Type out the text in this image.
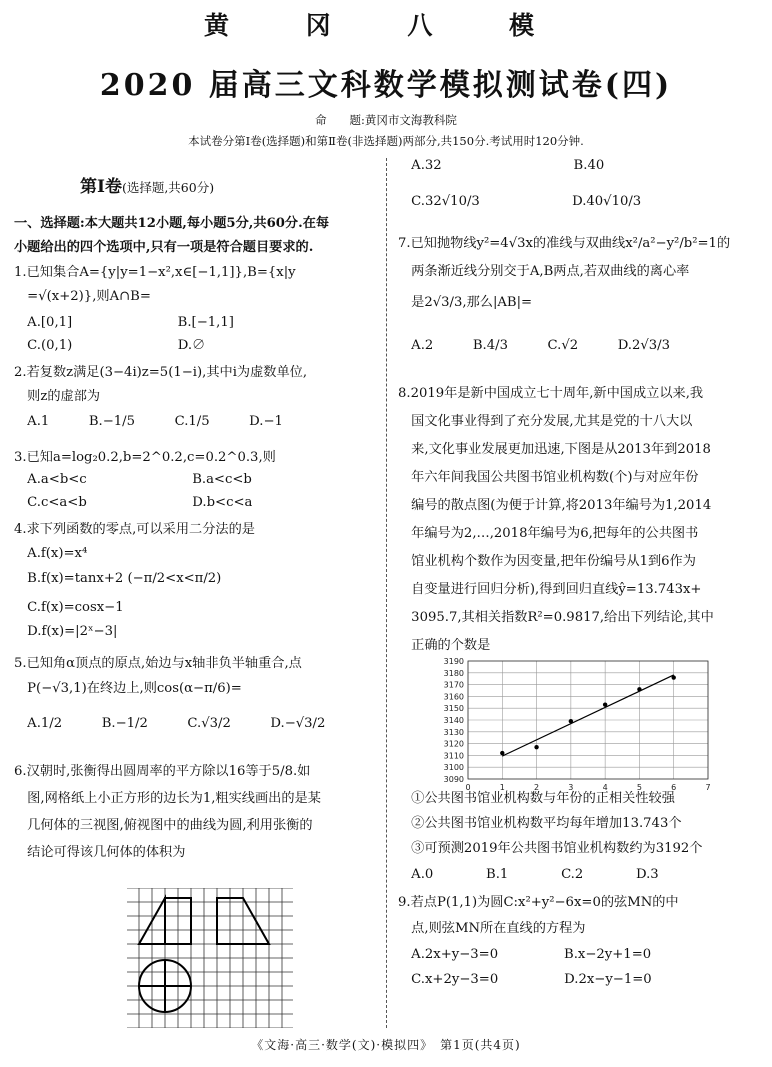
黄 冈 八 模
2020 届高三文科数学模拟测试卷(四)
命　　题:黄冈市文海教科院
本试卷分第Ⅰ卷(选择题)和第Ⅱ卷(非选择题)两部分,共150分.考试用时120分钟.
第Ⅰ卷(选择题,共60分)
一、选择题:本大题共12小题,每小题5分,共60分.在每
小题给出的四个选项中,只有一项是符合题目要求的.
1.已知集合A={y|y=1−x²,x∈[−1,1]},B={x|y
　=√(x+2)},则A∩B=
　A.[0,1]　　　　　　　　B.[−1,1]
　C.(0,1)　　　　　　　　D.∅
2.若复数z满足(3−4i)z=5(1−i),其中i为虚数单位,
　则z的虚部为
　A.1　　　B.−1/5　　　C.1/5　　　D.−1
3.已知a=log₂0.2,b=2^0.2,c=0.2^0.3,则
　A.a<b<c　　　　　　　　B.a<c<b
　C.c<a<b　　　　　　　　D.b<c<a
4.求下列函数的零点,可以采用二分法的是
　A.f(x)=x⁴
　B.f(x)=tanx+2 (−π/2<x<π/2)
　C.f(x)=cosx−1
　D.f(x)=|2ˣ−3|
5.已知角α顶点的原点,始边与x轴非负半轴重合,点
　P(−√3,1)在终边上,则cos(α−π/6)=
　A.1/2　　　B.−1/2　　　C.√3/2　　　D.−√3/2
6.汉朝时,张衡得出圆周率的平方除以16等于5/8.如
　图,网格纸上小正方形的边长为1,粗实线画出的是某
　几何体的三视图,俯视图中的曲线为圆,利用张衡的
　结论可得该几何体的体积为
　A.32　　　　　　　　　　B.40
　C.32√10/3　　　　　　　D.40√10/3
7.已知抛物线y²=4√3x的准线与双曲线x²/a²−y²/b²=1的
　两条渐近线分别交于A,B两点,若双曲线的离心率
　是2√3/3,那么|AB|=
　A.2　　　B.4/3　　　C.√2　　　D.2√3/3
8.2019年是新中国成立七十周年,新中国成立以来,我
　国文化事业得到了充分发展,尤其是党的十八大以
　来,文化事业发展更加迅速,下图是从2013年到2018
　年六年间我国公共图书馆业机构数(个)与对应年份
　编号的散点图(为便于计算,将2013年编号为1,2014
　年编号为2,…,2018年编号为6,把每年的公共图书
　馆业机构个数作为因变量,把年份编号从1到6作为
　自变量进行回归分析),得到回归直线ŷ=13.743x+
　3095.7,其相关指数R²=0.9817,给出下列结论,其中
　正确的个数是
　①公共图书馆业机构数与年份的正相关性较强
　②公共图书馆业机构数平均每年增加13.743个
　③可预测2019年公共图书馆业机构数约为3192个
　A.0　　　　B.1　　　　C.2　　　　D.3
9.若点P(1,1)为圆C:x²+y²−6x=0的弦MN的中
　点,则弦MN所在直线的方程为
　A.2x+y−3=0　　　　　B.x−2y+1=0
　C.x+2y−3=0　　　　　D.2x−y−1=0
3090
3100
3110
3120
3130
3140
3150
3160
3170
3180
3190
0	1	2	3	4	5	6	7
《文海·高三·数学(文)·模拟四》　第1页(共4页)
